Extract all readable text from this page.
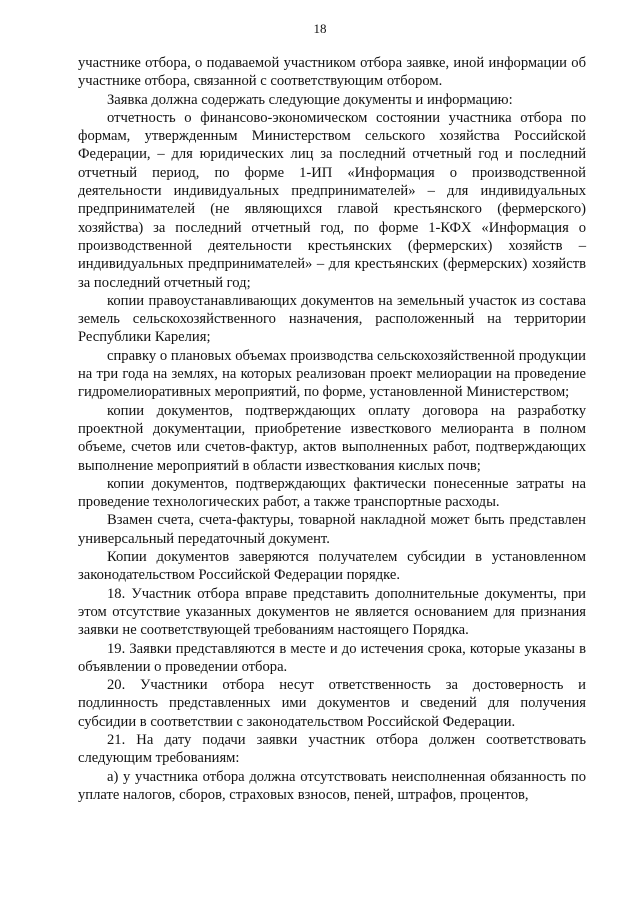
18

участнике отбора, о подаваемой участником отбора заявке, иной информации об участнике отбора, связанной с соответствующим отбором.

Заявка должна содержать следующие документы и информацию:

отчетность о финансово-экономическом состоянии участника отбора по формам, утвержденным Министерством сельского хозяйства Российской Федерации, – для юридических лиц за последний отчетный год и последний отчетный период, по форме 1-ИП «Информация о производственной деятельности индивидуальных предпринимателей» – для индивидуальных предпринимателей (не являющихся главой крестьянского (фермерского) хозяйства) за последний отчетный год, по форме 1-КФХ «Информация о производственной деятельности крестьянских (фермерских) хозяйств – индивидуальных предпринимателей» – для крестьянских (фермерских) хозяйств за последний отчетный год;

копии правоустанавливающих документов на земельный участок из состава земель сельскохозяйственного назначения, расположенный на территории Республики Карелия;

справку о плановых объемах производства сельскохозяйственной продукции на три года на землях, на которых реализован проект мелиорации на проведение гидромелиоративных мероприятий, по форме, установленной Министерством;

копии документов, подтверждающих оплату договора на разработку проектной документации, приобретение известкового мелиоранта в полном объеме, счетов или счетов-фактур, актов выполненных работ, подтверждающих выполнение мероприятий в области известкования кислых почв;

копии документов, подтверждающих фактически понесенные затраты на проведение технологических работ, а также транспортные расходы.

Взамен счета, счета-фактуры, товарной накладной может быть представлен универсальный передаточный документ.

Копии документов заверяются получателем субсидии в установленном законодательством Российской Федерации порядке.

18. Участник отбора вправе представить дополнительные документы, при этом отсутствие указанных документов не является основанием для признания заявки не соответствующей требованиям настоящего Порядка.

19. Заявки представляются в месте и до истечения срока, которые указаны в объявлении о проведении отбора.

20. Участники отбора несут ответственность за достоверность и подлинность представленных ими документов и сведений для получения субсидии в соответствии с законодательством Российской Федерации.

21. На дату подачи заявки участник отбора должен соответствовать следующим требованиям:

а) у участника отбора должна отсутствовать неисполненная обязанность по уплате налогов, сборов, страховых взносов, пеней, штрафов, процентов,
